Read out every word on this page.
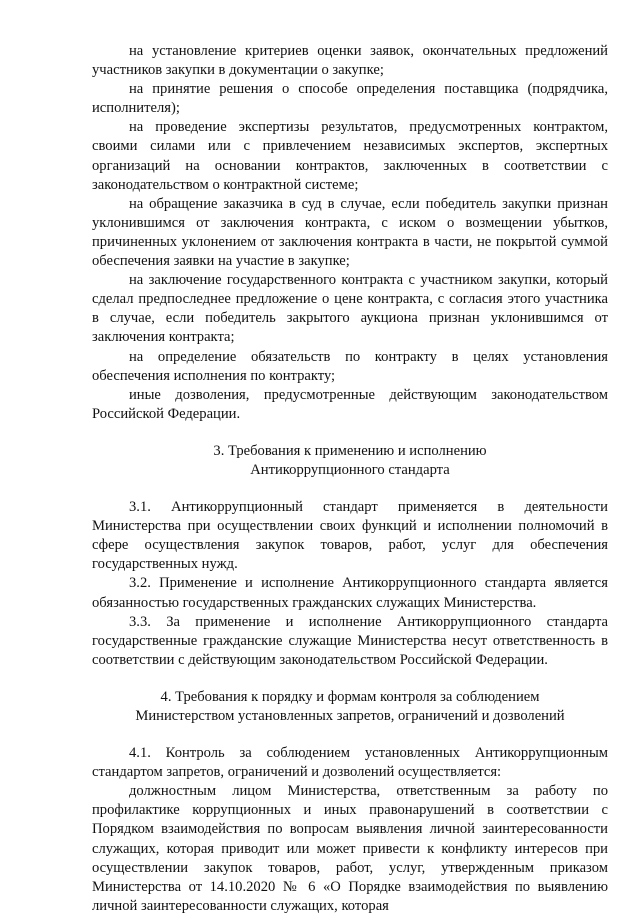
на установление критериев оценки заявок, окончательных предложений участников закупки в документации о закупке;

на принятие решения о способе определения поставщика (подрядчика, исполнителя);

на проведение экспертизы результатов, предусмотренных контрактом, своими силами или с привлечением независимых экспертов, экспертных организаций на основании контрактов, заключенных в соответствии с законодательством о контрактной системе;

на обращение заказчика в суд в случае, если победитель закупки признан уклонившимся от заключения контракта, с иском о возмещении убытков, причиненных уклонением от заключения контракта в части, не покрытой суммой обеспечения заявки на участие в закупке;

на заключение государственного контракта с участником закупки, который сделал предпоследнее предложение о цене контракта, с согласия этого участника в случае, если победитель закрытого аукциона признан уклонившимся от заключения контракта;

на определение обязательств по контракту в целях установления обеспечения исполнения по контракту;

иные дозволения, предусмотренные действующим законодательством Российской Федерации.

3. Требования к применению и исполнению

Антикоррупционного стандарта

3.1. Антикоррупционный стандарт применяется в деятельности Министерства при осуществлении своих функций и исполнении полномочий в сфере осуществления закупок товаров, работ, услуг для обеспечения государственных нужд.

3.2. Применение и исполнение Антикоррупционного стандарта является обязанностью государственных гражданских служащих Министерства.

3.3. За применение и исполнение Антикоррупционного стандарта государственные гражданские служащие Министерства несут ответственность в соответствии с действующим законодательством Российской Федерации.

4. Требования к порядку и формам контроля за соблюдением

Министерством установленных запретов, ограничений и дозволений

4.1. Контроль за соблюдением установленных Антикоррупционным стандартом запретов, ограничений и дозволений осуществляется:

должностным лицом Министерства, ответственным за работу по профилактике коррупционных и иных правонарушений в соответствии с Порядком взаимодействия по вопросам выявления личной заинтересованности служащих, которая приводит или может привести к конфликту интересов при осуществлении закупок товаров, работ, услуг, утвержденным приказом Министерства от 14.10.2020 № 6 «О Порядке взаимодействия по выявлению личной заинтересованности служащих, которая
